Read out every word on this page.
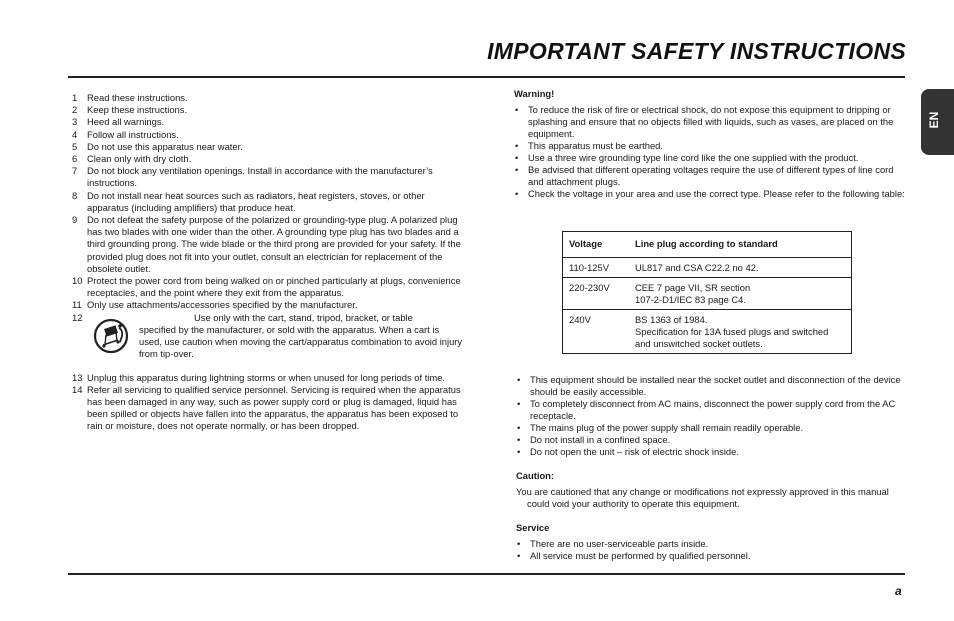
IMPORTANT SAFETY INSTRUCTIONS
EN
1	Read these instructions.
2	Keep these instructions.
3	Heed all warnings.
4	Follow all instructions.
5	Do not use this apparatus near water.
6	Clean only with dry cloth.
7	Do not block any ventilation openings. Install in accordance with the manufacturer’s instructions.
8	Do not install near heat sources such as radiators, heat registers, stoves, or other apparatus (including amplifiers) that produce heat.
9	Do not defeat the safety purpose of the polarized or grounding-type plug. A polarized plug has two blades with one wider than the other. A grounding type plug has two blades and a third grounding prong. The wide blade or the third prong are provided for your safety. If the provided plug does not fit into your outlet, consult an electrician for replacement of the obsolete outlet.
10 Protect the power cord from being walked on or pinched particularly at plugs, convenience receptacles, and the point where they exit from the apparatus.
11 Only use attachments/accessories specified by the manufacturer.
12	Use only with the cart, stand, tripod, bracket, or table
specified by the manufacturer, or sold with the apparatus. When a cart is used, use caution when moving the cart/apparatus combination to avoid injury from tip-over.
13 Unplug this apparatus during lightning storms or when unused for long periods of time.
14 Refer all servicing to qualified service personnel. Servicing is required when the apparatus has been damaged in any way, such as power supply cord or plug is damaged, liquid has been spilled or objects have fallen into the apparatus, the apparatus has been exposed to rain or moisture, does not operate normally, or has been dropped.
Warning!
• To reduce the risk of fire or electrical shock, do not expose this equipment to dripping or splashing and ensure that no objects filled with liquids, such as vases, are placed on the equipment.
• This apparatus must be earthed.
• Use a three wire grounding type line cord like the one supplied with the product.
• Be advised that different operating voltages require the use of different types of line cord and attachment plugs.
• Check the voltage in your area and use the correct type. Please refer to the following table:
Voltage	Line plug according to standard
110-125V	UL817 and CSA C22.2 no 42.

220-230V	CEE 7 page VII, SR section
107-2-D1/IEC 83 page C4.

240V	BS 1363 of 1984.
Specification for 13A fused plugs and switched and unswitched socket outlets.
• This equipment should be installed near the socket outlet and disconnection of the device should be easily accessible.
• To completely disconnect from AC mains, disconnect the power supply cord from the AC receptacle.
• The mains plug of the power supply shall remain readily operable.
• Do not install in a confined space.
• Do not open the unit – risk of electric shock inside.
Caution:

You are cautioned that any change or modifications not expressly approved in this manual could void your authority to operate this equipment.

Service
• There are no user-serviceable parts inside.
• All service must be performed by qualified personnel.
a
